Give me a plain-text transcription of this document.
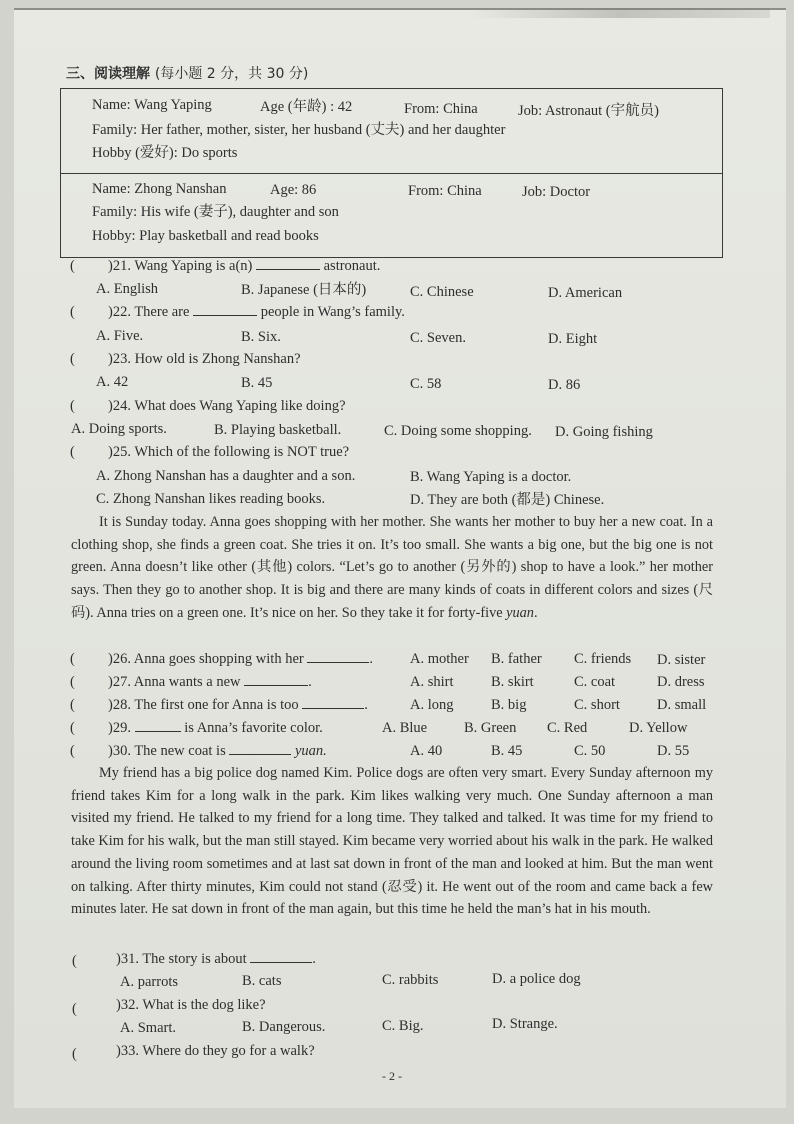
三、阅读理解 (每小题 2 分，共 30 分)
Name: Wang Yaping	Age (年龄) : 42	From: China	Job: Astronaut (宇航员)
Family: Her father, mother, sister, her husband (丈夫) and her daughter
Hobby (爱好): Do sports
Name: Zhong Nanshan	Age: 86	From: China	Job: Doctor
Family: His wife (妻子), daughter and son
Hobby: Play basketball and read books
( )21. Wang Yaping is a(n)	astronaut.
A. English	B. Japanese (日本的)	C. Chinese	D. American
( )22. There are	people in Wang’s family.
A. Five.	B. Six.	C. Seven.	D. Eight
( )23. How old is Zhong Nanshan?
A. 42	B. 45	C. 58	D. 86
( )24. What does Wang Yaping like doing?
A. Doing sports.	B. Playing basketball.	C. Doing some shopping. D. Going fishing
( )25. Which of the following is NOT true?
A. Zhong Nanshan has a daughter and a son.	B. Wang Yaping is a doctor.
C. Zhong Nanshan likes reading books.	D. They are both (都是) Chinese.

It is Sunday today. Anna goes shopping with her mother. She wants her mother to buy her a new coat. In a clothing shop, she finds a green coat. She tries it on. It’s too small. She wants a big one, but the big one is not green. Anna doesn’t like other (其他) colors. “Let’s go to another (另外的) shop to have a look.” her mother says. Then they go to another shop. It is big and there are many kinds of coats in different colors and sizes (尺码). Anna tries on a green one. It’s nice on her. So they take it for forty-five yuan.

( )26. Anna goes shopping with her	.	A. mother B. father C. friends D. sister
( )27. Anna wants a new	.	A. shirt	B. skirt	C. coat	D. dress
( )28. The first one for Anna is too	.	A. long	B. big	C. short	D. small
( )29.	is Anna’s favorite color.	A. Blue	B. Green C. Red	D. Yellow
( )30. The new coat is	yuan.	A. 40	B. 45	C. 50	D. 55

My friend has a big police dog named Kim. Police dogs are often very smart. Every Sunday afternoon my friend takes Kim for a long walk in the park. Kim likes walking very much. One Sunday afternoon a man visited my friend. He talked to my friend for a long time. They talked and talked. It was time for my friend to take Kim for his walk, but the man still stayed. Kim became very worried about his walk in the park. He walked around the living room sometimes and at last sat down in front of the man and looked at him. But the man went on talking. After thirty minutes, Kim could not stand (忍受) it. He went out of the room and came back a few minutes later. He sat down in front of the man again, but this time he held the man’s hat in his mouth.

(	)31. The story is about	.
A. parrots	B. cats	C. rabbits	D. a police dog
(	)32. What is the dog like?
A. Smart.	B. Dangerous.	C. Big.	D. Strange.
(	)33. Where do they go for a walk?
- 2 -
